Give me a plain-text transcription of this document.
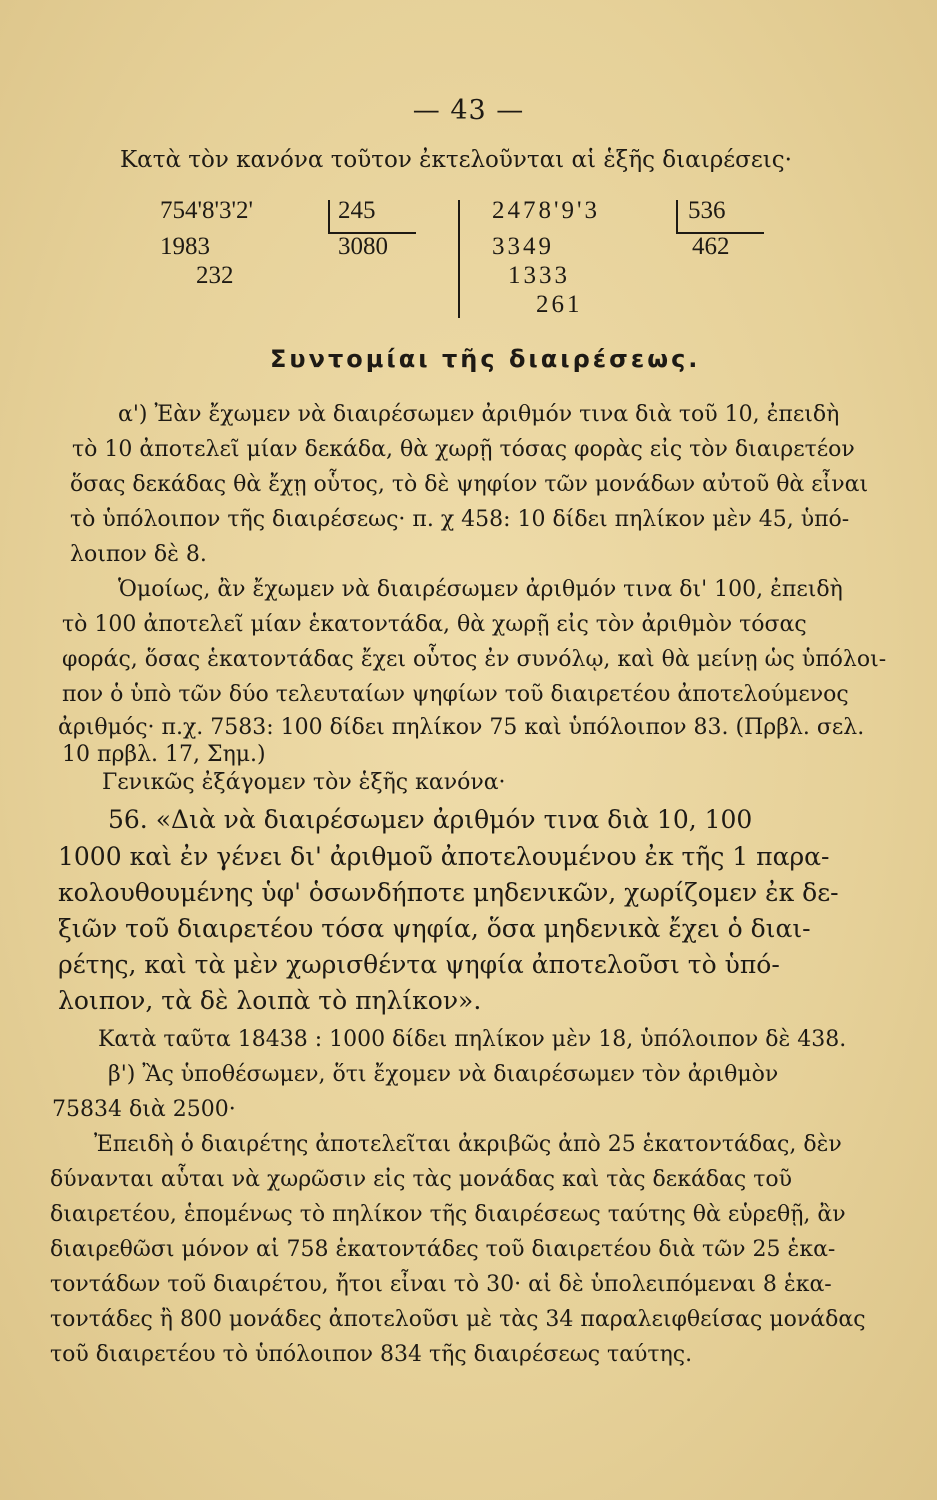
— 43 —
Κατὰ τὸν κανόνα τοῦτον ἐκτελοῦνται αἱ ἑξῆς διαιρέσεις·
754'8'3'2'	245
3080
1983
232
2478'9'3	536
462
3349
1333
261
Συντομίαι τῆς διαιρέσεως.
α') Ἐὰν ἔχωμεν νὰ διαιρέσωμεν ἀριθμόν τινα διὰ τοῦ 10, ἐπειδὴ
τὸ 10 ἀποτελεῖ μίαν δεκάδα, θὰ χωρῇ τόσας φορὰς εἰς τὸν διαιρετέον
ὅσας δεκάδας θὰ ἔχῃ οὗτος, τὸ δὲ ψηφίον τῶν μονάδων αὐτοῦ θὰ εἶναι
τὸ ὑπόλοιπον τῆς διαιρέσεως· π. χ 458: 10 δίδει πηλίκον μὲν 45, ὑπό-
λοιπον δὲ 8.
Ὁμοίως, ἂν ἔχωμεν νὰ διαιρέσωμεν ἀριθμόν τινα δι' 100, ἐπειδὴ
τὸ 100 ἀποτελεῖ μίαν ἑκατοντάδα, θὰ χωρῇ εἰς τὸν ἀριθμὸν τόσας
φοράς, ὅσας ἑκατοντάδας ἔχει οὗτος ἐν συνόλῳ, καὶ θὰ μείνῃ ὡς ὑπόλοι-
πον ὁ ὑπὸ τῶν δύο τελευταίων ψηφίων τοῦ διαιρετέου ἀποτελούμενος
ἀριθμός· π.χ. 7583: 100 δίδει πηλίκον 75 καὶ ὑπόλοιπον 83. (Πρβλ. σελ.
10 πρβλ. 17, Σημ.)
Γενικῶς ἐξάγομεν τὸν ἑξῆς κανόνα·
56. «Διὰ νὰ διαιρέσωμεν ἀριθμόν τινα διὰ 10, 100
1000 καὶ ἐν γένει δι' ἀριθμοῦ ἀποτελουμένου ἐκ τῆς 1 παρα-
κολουθουμένης ὑφ' ὁσωνδήποτε μηδενικῶν, χωρίζομεν ἐκ δε-
ξιῶν τοῦ διαιρετέου τόσα ψηφία, ὅσα μηδενικὰ ἔχει ὁ διαι-
ρέτης, καὶ τὰ μὲν χωρισθέντα ψηφία ἀποτελοῦσι τὸ ὑπό-
λοιπον, τὰ δὲ λοιπὰ τὸ πηλίκον».
Κατὰ ταῦτα 18438 : 1000 δίδει πηλίκον μὲν 18, ὑπόλοιπον δὲ 438.
β') Ἂς ὑποθέσωμεν, ὅτι ἔχομεν νὰ διαιρέσωμεν τὸν ἀριθμὸν
75834 διὰ 2500·
Ἐπειδὴ ὁ διαιρέτης ἀποτελεῖται ἀκριβῶς ἀπὸ 25 ἑκατοντάδας, δὲν
δύνανται αὗται νὰ χωρῶσιν εἰς τὰς μονάδας καὶ τὰς δεκάδας τοῦ
διαιρετέου, ἑπομένως τὸ πηλίκον τῆς διαιρέσεως ταύτης θὰ εὑρεθῇ, ἂν
διαιρεθῶσι μόνον αἱ 758 ἑκατοντάδες τοῦ διαιρετέου διὰ τῶν 25 ἑκα-
τοντάδων τοῦ διαιρέτου, ἤτοι εἶναι τὸ 30· αἱ δὲ ὑπολειπόμεναι 8 ἑκα-
τοντάδες ἢ 800 μονάδες ἀποτελοῦσι μὲ τὰς 34 παραλειφθείσας μονάδας
τοῦ διαιρετέου τὸ ὑπόλοιπον 834 τῆς διαιρέσεως ταύτης.
